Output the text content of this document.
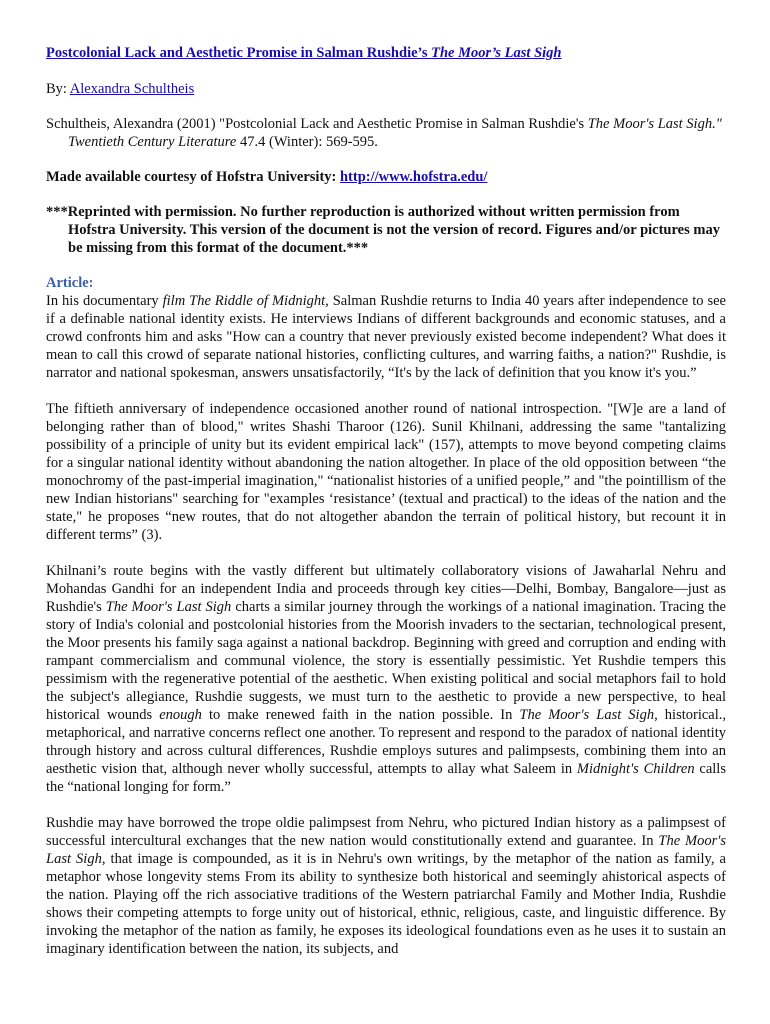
Postcolonial Lack and Aesthetic Promise in Salman Rushdie’s The Moor’s Last Sigh

By: Alexandra Schultheis

Schultheis, Alexandra (2001) "Postcolonial Lack and Aesthetic Promise in Salman Rushdie's The Moor's Last Sigh." Twentieth Century Literature 47.4 (Winter): 569-595.

Made available courtesy of Hofstra University: http://www.hofstra.edu/

***Reprinted with permission. No further reproduction is authorized without written permission from Hofstra University. This version of the document is not the version of record. Figures and/or pictures may be missing from this format of the document.***

Article:

In his documentary film The Riddle of Midnight, Salman Rushdie returns to India 40 years after independence to see if a definable national identity exists. He interviews Indians of different backgrounds and economic statuses, and a crowd confronts him and asks "How can a country that never previously existed become independent? What does it mean to call this crowd of separate national histories, conflicting cultures, and warring faiths, a nation?" Rushdie, is narrator and national spokesman, answers unsatisfactorily, “It's by the lack of definition that you know it's you.”

The fiftieth anniversary of independence occasioned another round of national introspection. "[W]e are a land of belonging rather than of blood," writes Shashi Tharoor (126). Sunil Khilnani, addressing the same "tantalizing possibility of a principle of unity but its evident empirical lack" (157), attempts to move beyond competing claims for a singular national identity without abandoning the nation altogether. In place of the old opposition between “the monochromy of the past-imperial imagination," “nationalist histories of a unified people,” and "the pointillism of the new Indian historians" searching for "examples ‘resistance’ (textual and practical) to the ideas of the nation and the state," he proposes “new routes, that do not altogether abandon the terrain of political history, but recount it in different terms” (3).

Khilnani’s route begins with the vastly different but ultimately collaboratory visions of Jawaharlal Nehru and Mohandas Gandhi for an independent India and proceeds through key cities—Delhi, Bombay, Bangalore—just as Rushdie's The Moor's Last Sigh charts a similar journey through the workings of a national imagination. Tracing the story of India's colonial and postcolonial histories from the Moorish invaders to the sectarian, technological present, the Moor presents his family saga against a national backdrop. Beginning with greed and corruption and ending with rampant commercialism and communal violence, the story is essentially pessimistic. Yet Rushdie tempers this pessimism with the regenerative potential of the aesthetic. When existing political and social metaphors fail to hold the subject's allegiance, Rushdie suggests, we must turn to the aesthetic to provide a new perspective, to heal historical wounds enough to make renewed faith in the nation possible. In The Moor's Last Sigh, historical., metaphorical, and narrative concerns reflect one another. To represent and respond to the paradox of national identity through history and across cultural differences, Rushdie employs sutures and palimpsests, combining them into an aesthetic vision that, although never wholly successful, attempts to allay what Saleem in Midnight's Children calls the “national longing for form.”

Rushdie may have borrowed the trope oldie palimpsest from Nehru, who pictured Indian history as a palimpsest of successful intercultural exchanges that the new nation would constitutionally extend and guarantee. In The Moor's Last Sigh, that image is compounded, as it is in Nehru's own writings, by the metaphor of the nation as family, a metaphor whose longevity stems From its ability to synthesize both historical and seemingly ahistorical aspects of the nation. Playing off the rich associative traditions of the Western patriarchal Family and Mother India, Rushdie shows their competing attempts to forge unity out of historical, ethnic, religious, caste, and linguistic difference. By invoking the metaphor of the nation as family, he exposes its ideological foundations even as he uses it to sustain an imaginary identification between the nation, its subjects, and
